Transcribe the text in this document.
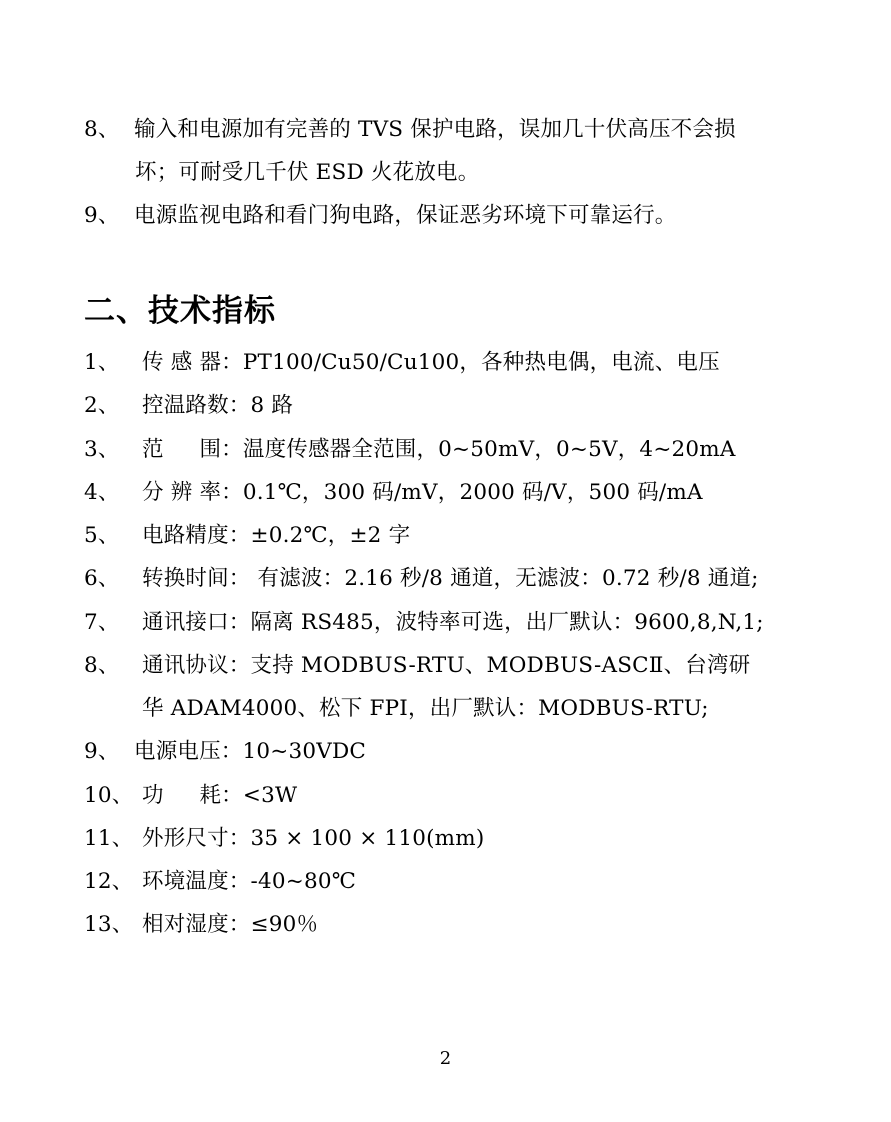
8、 输入和电源加有完善的 TVS 保护电路，误加几十伏高压不会损
坏；可耐受几千伏 ESD 火花放电。
9、 电源监视电路和看门狗电路，保证恶劣环境下可靠运行。
二、技术指标
1、 传 感 器：PT100/Cu50/Cu100，各种热电偶，电流、电压
2、 控温路数：8 路
3、 范 　 围：温度传感器全范围，0~50mV，0~5V，4~20mA
4、 分 辨 率：0.1℃，300 码/mV，2000 码/V，500 码/mA
5、 电路精度：±0.2℃，±2 字
6、 转换时间： 有滤波：2.16 秒/8 通道，无滤波：0.72 秒/8 通道;
7、 通讯接口：隔离 RS485，波特率可选，出厂默认：9600,8,N,1;
8、 通讯协议：支持 MODBUS-RTU、MODBUS-ASCⅡ、台湾研
华 ADAM4000、松下 FPI，出厂默认：MODBUS-RTU;
9、 电源电压：10~30VDC
10、 功 　 耗：<3W
11、 外形尺寸：35 × 100 × 110(mm)
12、 环境温度：-40~80℃
13、 相对湿度：≤90％
2
